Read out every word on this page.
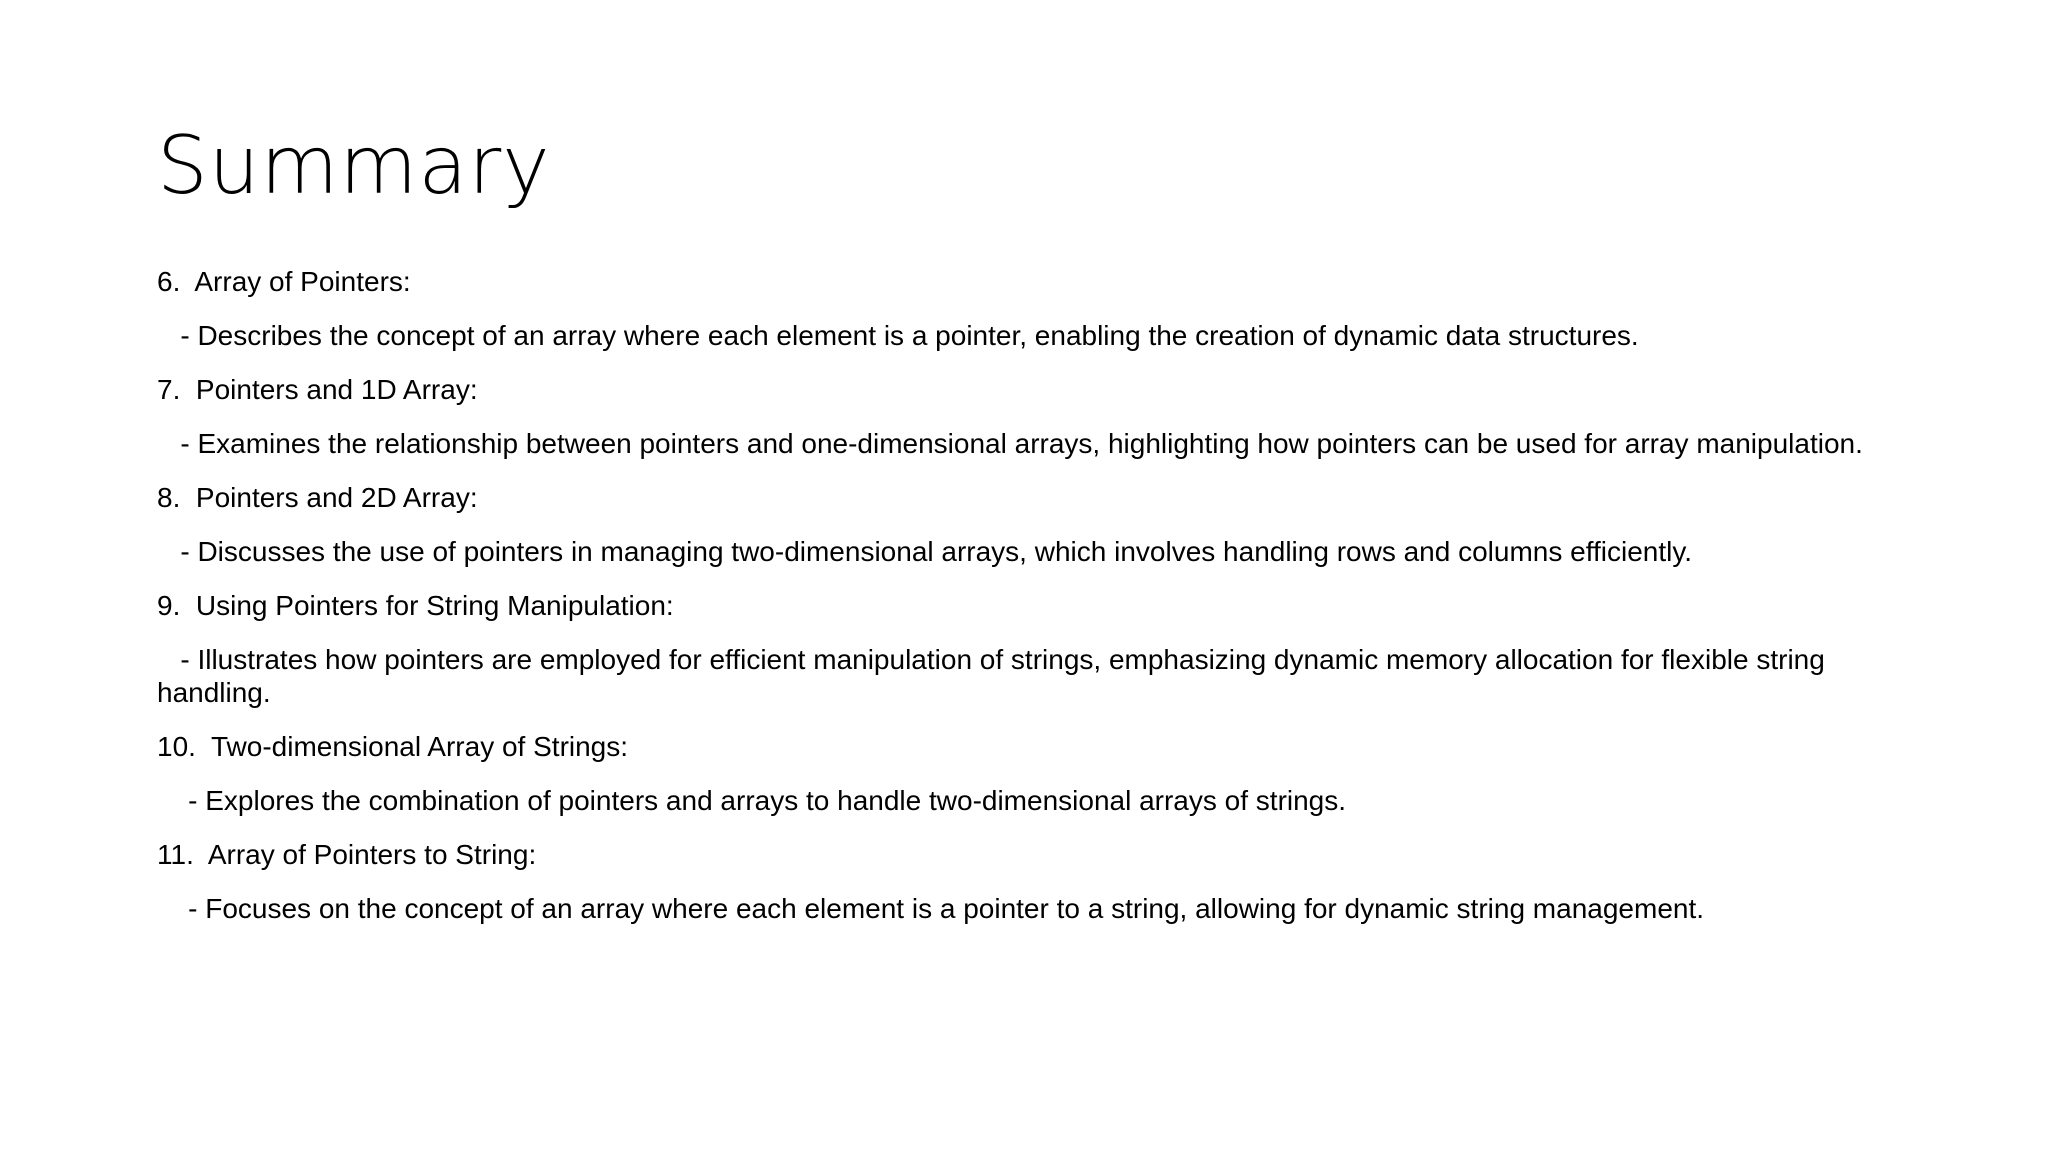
Summary

6.  Array of Pointers:

- Describes the concept of an array where each element is a pointer, enabling the creation of dynamic data structures.

7.  Pointers and 1D Array:

- Examines the relationship between pointers and one-dimensional arrays, highlighting how pointers can be used for array manipulation.

8.  Pointers and 2D Array:

- Discusses the use of pointers in managing two-dimensional arrays, which involves handling rows and columns efficiently.

9.  Using Pointers for String Manipulation:

- Illustrates how pointers are employed for efficient manipulation of strings, emphasizing dynamic memory allocation for flexible string handling.

10.  Two-dimensional Array of Strings:

- Explores the combination of pointers and arrays to handle two-dimensional arrays of strings.

11.  Array of Pointers to String:

- Focuses on the concept of an array where each element is a pointer to a string, allowing for dynamic string management.
